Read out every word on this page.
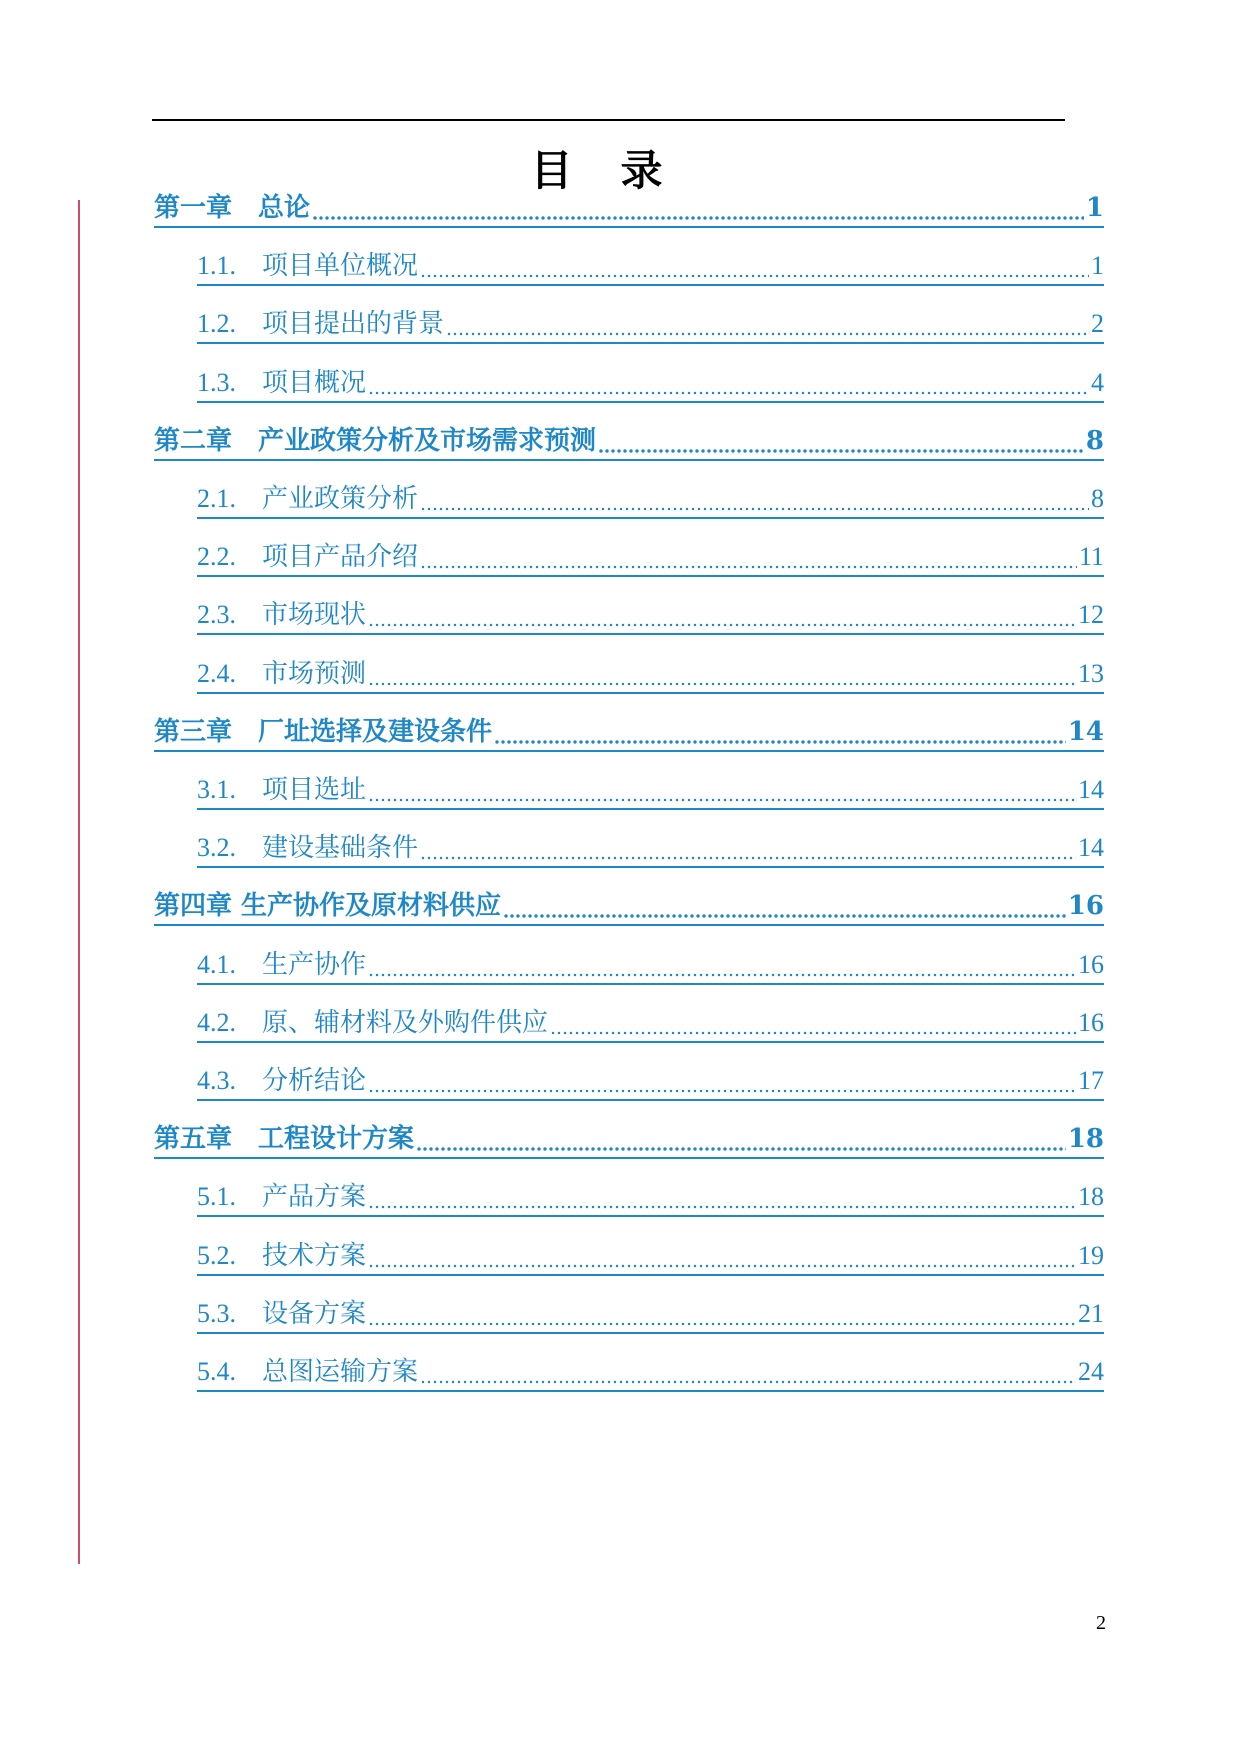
目录
第一章　总论	1
1.1.　项目单位概况	1
1.2.　项目提出的背景	2
1.3.　项目概况	4
第二章　产业政策分析及市场需求预测	8
2.1.　产业政策分析	8
2.2.　项目产品介绍	11
2.3.　市场现状	12
2.4.　市场预测	13
第三章　厂址选择及建设条件	14
3.1.　项目选址	14
3.2.　建设基础条件	14
第四章 生产协作及原材料供应	16
4.1.　生产协作	16
4.2.　原、辅材料及外购件供应	16
4.3.　分析结论	17
第五章　工程设计方案	18
5.1.　产品方案	18
5.2.　技术方案	19
5.3.　设备方案	21
5.4.　总图运输方案	24
2
